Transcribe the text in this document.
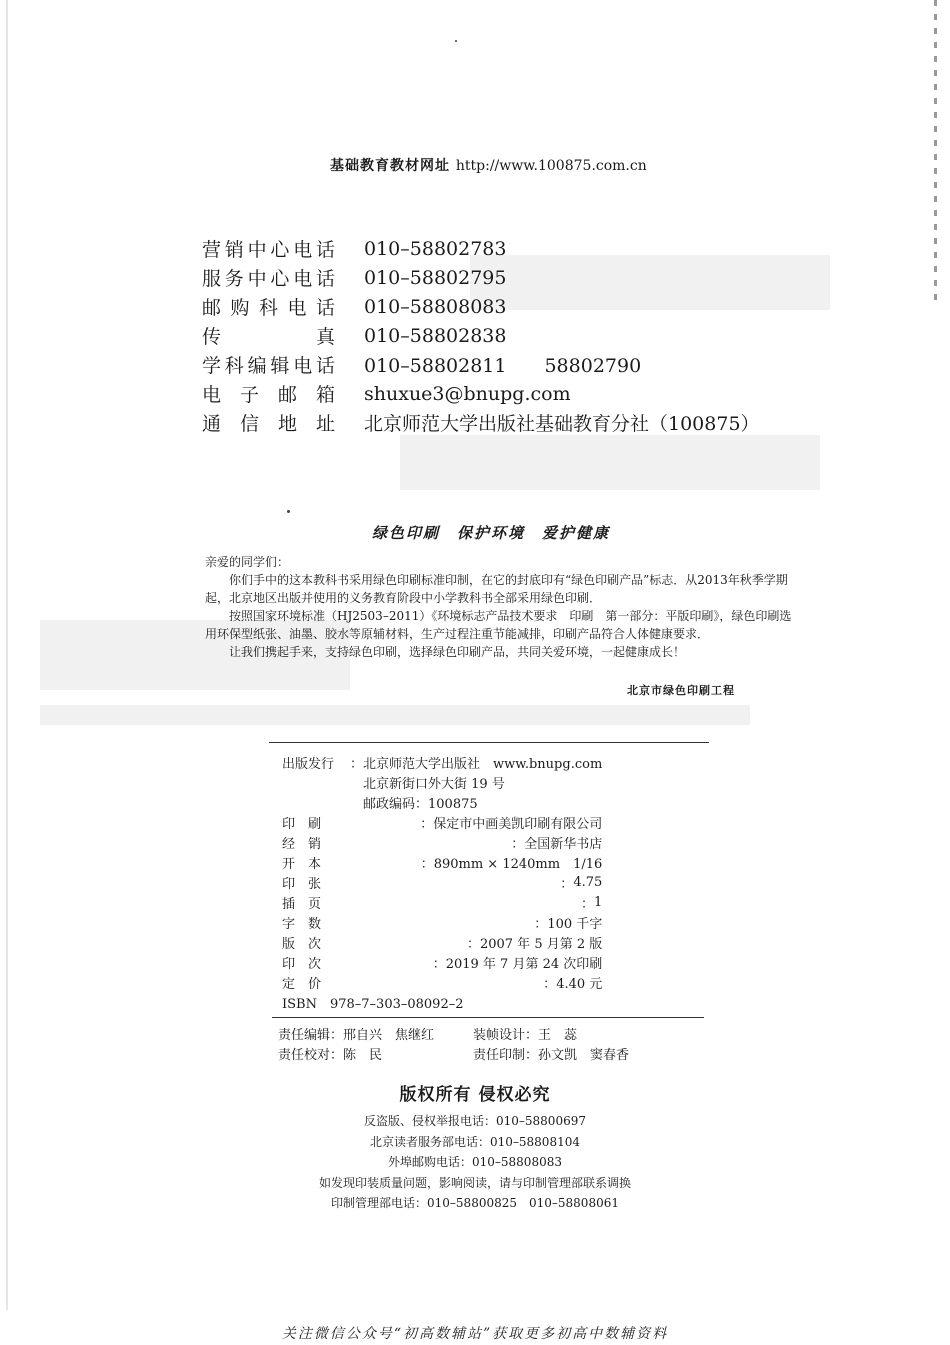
基础教育教材网址 http://www.100875.com.cn
营销中心电话 010–58802783
服务中心电话 010–58802795
邮购科电话 010–58808083
传真 010–58802838
学科编辑电话 010–58802811　　58802790
电子邮箱 shuxue3@bnupg.com
通信地址 北京师范大学出版社基础教育分社（100875）
绿色印刷　保护环境　爱护健康

亲爱的同学们：

你们手中的这本教科书采用绿色印刷标准印制，在它的封底印有“绿色印刷产品”标志．从2013年秋季学期起，北京地区出版并使用的义务教育阶段中小学教科书全部采用绿色印刷．

按照国家环境标准（HJ2503–2011）《环境标志产品技术要求　印刷　第一部分：平版印刷》，绿色印刷选用环保型纸张、油墨、胶水等原辅材料，生产过程注重节能减排，印刷产品符合人体健康要求．

让我们携起手来，支持绿色印刷，选择绿色印刷产品，共同关爱环境，一起健康成长！

北京市绿色印刷工程
出版发行	： 北京师范大学出版社　www.bnupg.com

北京新街口外大街 19 号

邮政编码：100875
印　刷	： 保定市中画美凯印刷有限公司
经　销	： 全国新华书店
开　本	： 890mm × 1240mm　1/16
印　张	： 4.75
插　页	： 1
字　数	： 100 千字
版　次	： 2007 年 5 月第 2 版
印　次	： 2019 年 7 月第 24 次印刷
定　价	： 4.40 元
ISBN　978–7–303–08092–2
责任编辑：邢自兴　焦继红	装帧设计：王　蕊
责任校对：陈　民	责任印制：孙文凯　窦春香
版权所有 侵权必究
反盗版、侵权举报电话：010–58800697
北京读者服务部电话：010–58808104
外埠邮购电话：010–58808083
如发现印装质量问题，影响阅读，请与印制管理部联系调换
印制管理部电话：010–58800825　010–58808061
关注微信公众号“初高数辅站”获取更多初高中数辅资料
